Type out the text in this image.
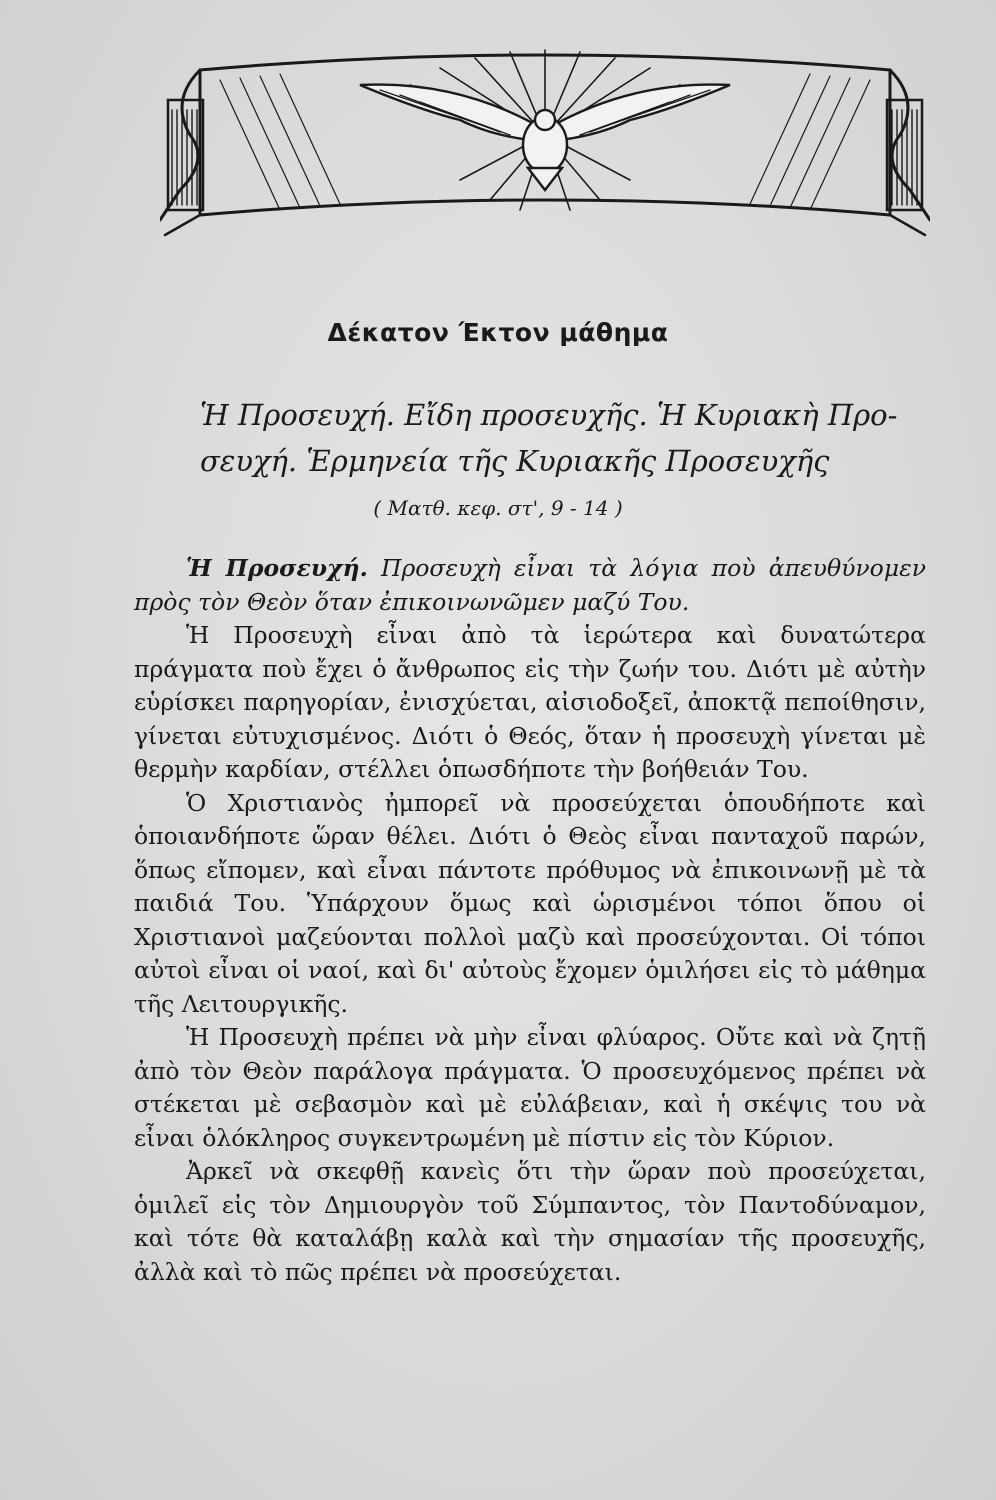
Δέκατον Έκτον μάθημα
Ἡ Προσευχή. Εἴδη προσευχῆς. Ἡ Κυριακὴ Προ-
σευχή. Ἑρμηνεία τῆς Κυριακῆς Προσευχῆς
( Ματθ. κεφ. στ', 9 - 14 )

Ἡ Προσευχή. Προσευχὴ εἶναι τὰ λόγια ποὺ ἀπευθύνομεν πρὸς τὸν Θεὸν ὅταν ἐπικοινωνῶμεν μαζύ Του.

Ἡ Προσευχὴ εἶναι ἀπὸ τὰ ἱερώτερα καὶ δυνατώτερα πράγματα ποὺ ἔχει ὁ ἄνθρωπος εἰς τὴν ζωήν του. Διότι μὲ αὐτὴν εὑρίσκει παρηγορίαν, ἐνισχύεται, αἰσιοδοξεῖ, ἀποκτᾷ πεποίθησιν, γίνεται εὐτυχισμένος. Διότι ὁ Θεός, ὅταν ἡ προσευχὴ γίνεται μὲ θερμὴν καρδίαν, στέλλει ὁπωσδήποτε τὴν βοήθειάν Του.

Ὁ Χριστιανὸς ἠμπορεῖ νὰ προσεύχεται ὁπουδήποτε καὶ ὁποιανδήποτε ὥραν θέλει. Διότι ὁ Θεὸς εἶναι πανταχοῦ παρών, ὅπως εἴπομεν, καὶ εἶναι πάντοτε πρόθυμος νὰ ἐπικοινωνῇ μὲ τὰ παιδιά Του. Ὑπάρχουν ὅμως καὶ ὡρισμένοι τόποι ὅπου οἱ Χριστιανοὶ μαζεύονται πολλοὶ μαζὺ καὶ προσεύχονται. Οἱ τόποι αὐτοὶ εἶναι οἱ ναοί, καὶ δι' αὐτοὺς ἔχομεν ὁμιλήσει εἰς τὸ μάθημα τῆς Λειτουργικῆς.

Ἡ Προσευχὴ πρέπει νὰ μὴν εἶναι φλύαρος. Οὔτε καὶ νὰ ζητῇ ἀπὸ τὸν Θεὸν παράλογα πράγματα. Ὁ προσευχόμενος πρέπει νὰ στέκεται μὲ σεβασμὸν καὶ μὲ εὐλάβειαν, καὶ ἡ σκέψις του νὰ εἶναι ὁλόκληρος συγκεντρωμένη μὲ πίστιν εἰς τὸν Κύριον.

Ἀρκεῖ νὰ σκεφθῇ κανεὶς ὅτι τὴν ὥραν ποὺ προσεύχεται, ὁμιλεῖ εἰς τὸν Δημιουργὸν τοῦ Σύμπαντος, τὸν Παντοδύναμον, καὶ τότε θὰ καταλάβῃ καλὰ καὶ τὴν σημασίαν τῆς προσευχῆς, ἀλλὰ καὶ τὸ πῶς πρέπει νὰ προσεύχεται.
